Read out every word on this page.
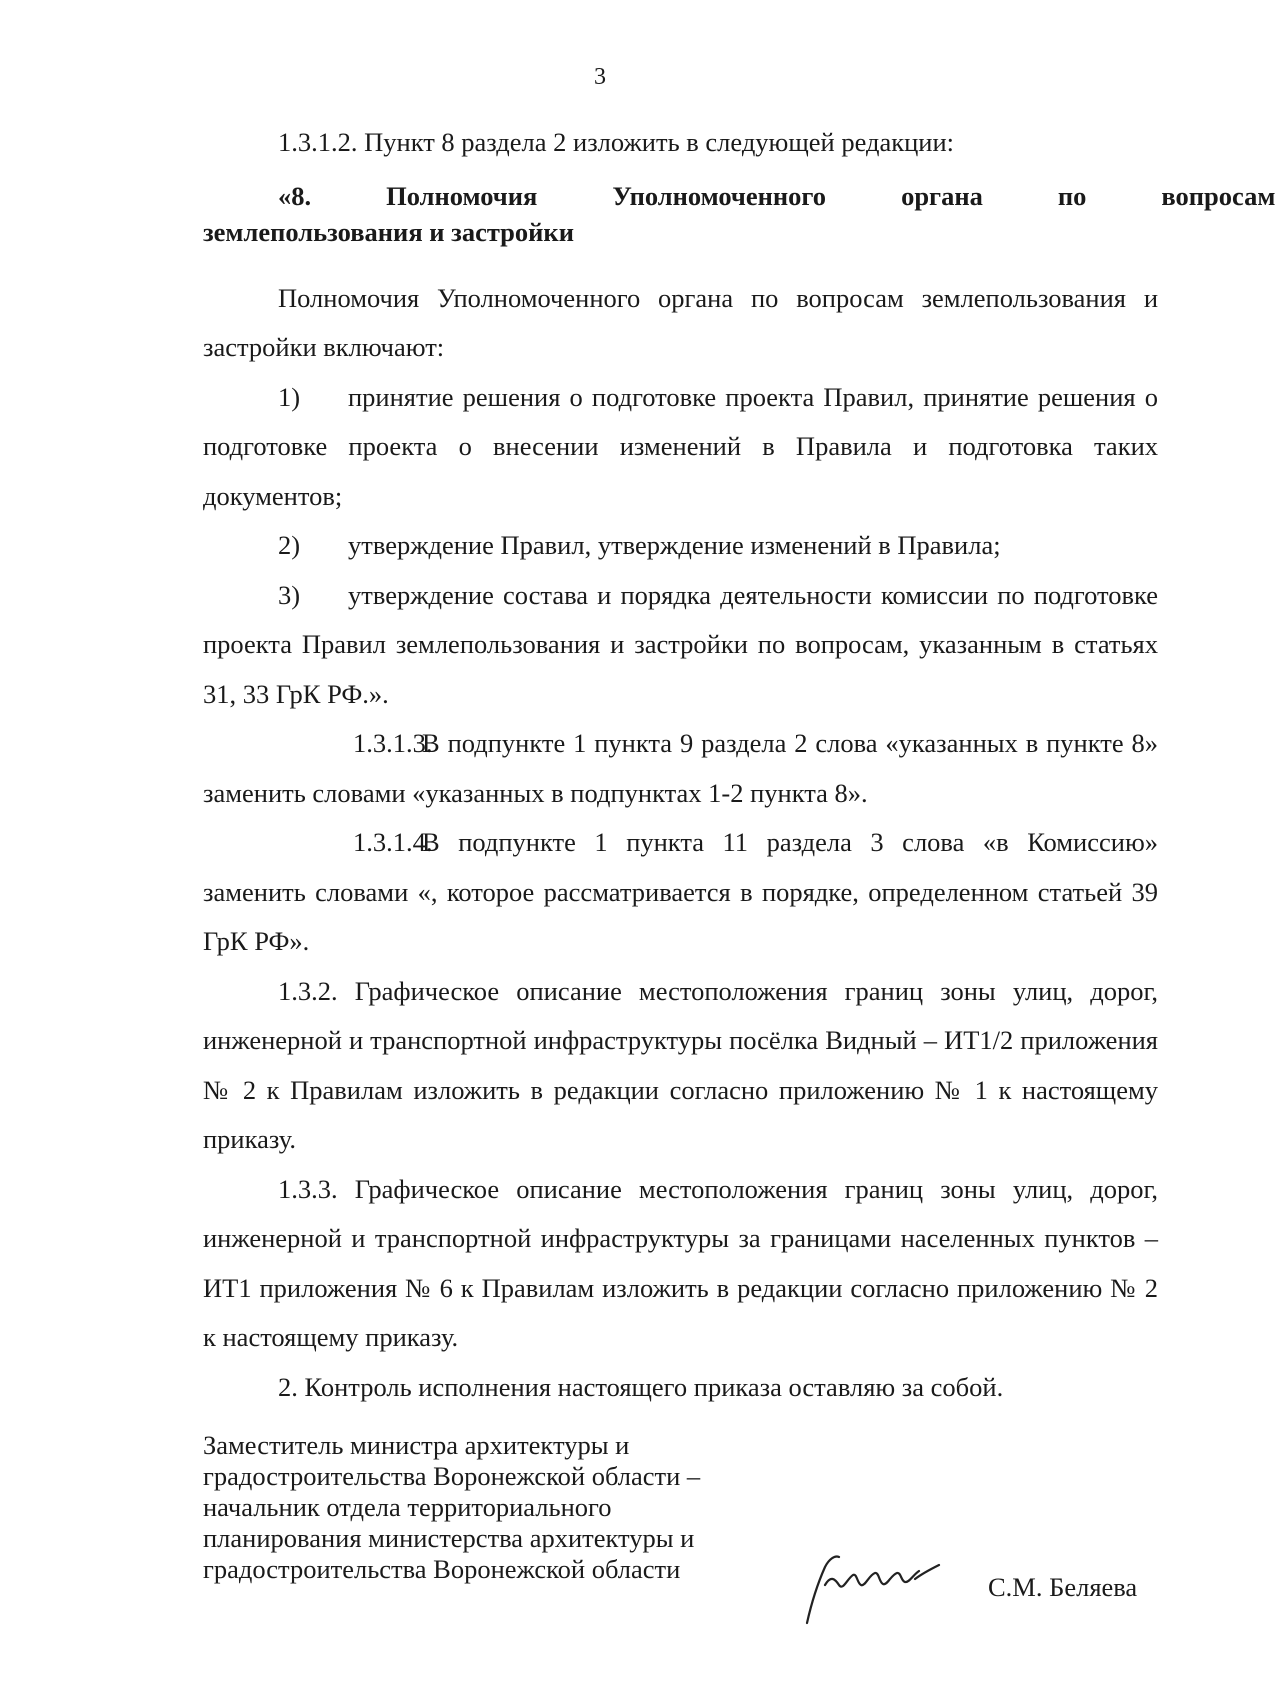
3

1.3.1.2. Пункт 8 раздела 2 изложить в следующей редакции:

«8.	Полномочия	Уполномоченного	органа	по	вопросам
землепользования и застройки

Полномочия Уполномоченного органа по вопросам землепользования и застройки включают:

1) принятие решения о подготовке проекта Правил, принятие решения о подготовке проекта о внесении изменений в Правила и подготовка таких документов;

2) утверждение Правил, утверждение изменений в Правила;

3) утверждение состава и порядка деятельности комиссии по подготовке проекта Правил землепользования и застройки по вопросам, указанным в статьях 31, 33 ГрК РФ.».

1.3.1.3.В подпункте 1 пункта 9 раздела 2 слова «указанных в пункте 8» заменить словами «указанных в подпунктах 1-2 пункта 8».

1.3.1.4.В подпункте 1 пункта 11 раздела 3 слова «в Комиссию» заменить словами «, которое рассматривается в порядке, определенном статьей 39 ГрК РФ».

1.3.2. Графическое описание местоположения границ зоны улиц, дорог, инженерной и транспортной инфраструктуры посёлка Видный – ИТ1/2 приложения № 2 к Правилам изложить в редакции согласно приложению № 1 к настоящему приказу.

1.3.3. Графическое описание местоположения границ зоны улиц, дорог, инженерной и транспортной инфраструктуры за границами населенных пунктов – ИТ1 приложения № 6 к Правилам изложить в редакции согласно приложению № 2 к настоящему приказу.

2. Контроль исполнения настоящего приказа оставляю за собой.

Заместитель министра архитектуры и
градостроительства Воронежской области –
начальник отдела территориального
планирования министерства архитектуры и
градостроительства Воронежской области
С.М. Беляева
